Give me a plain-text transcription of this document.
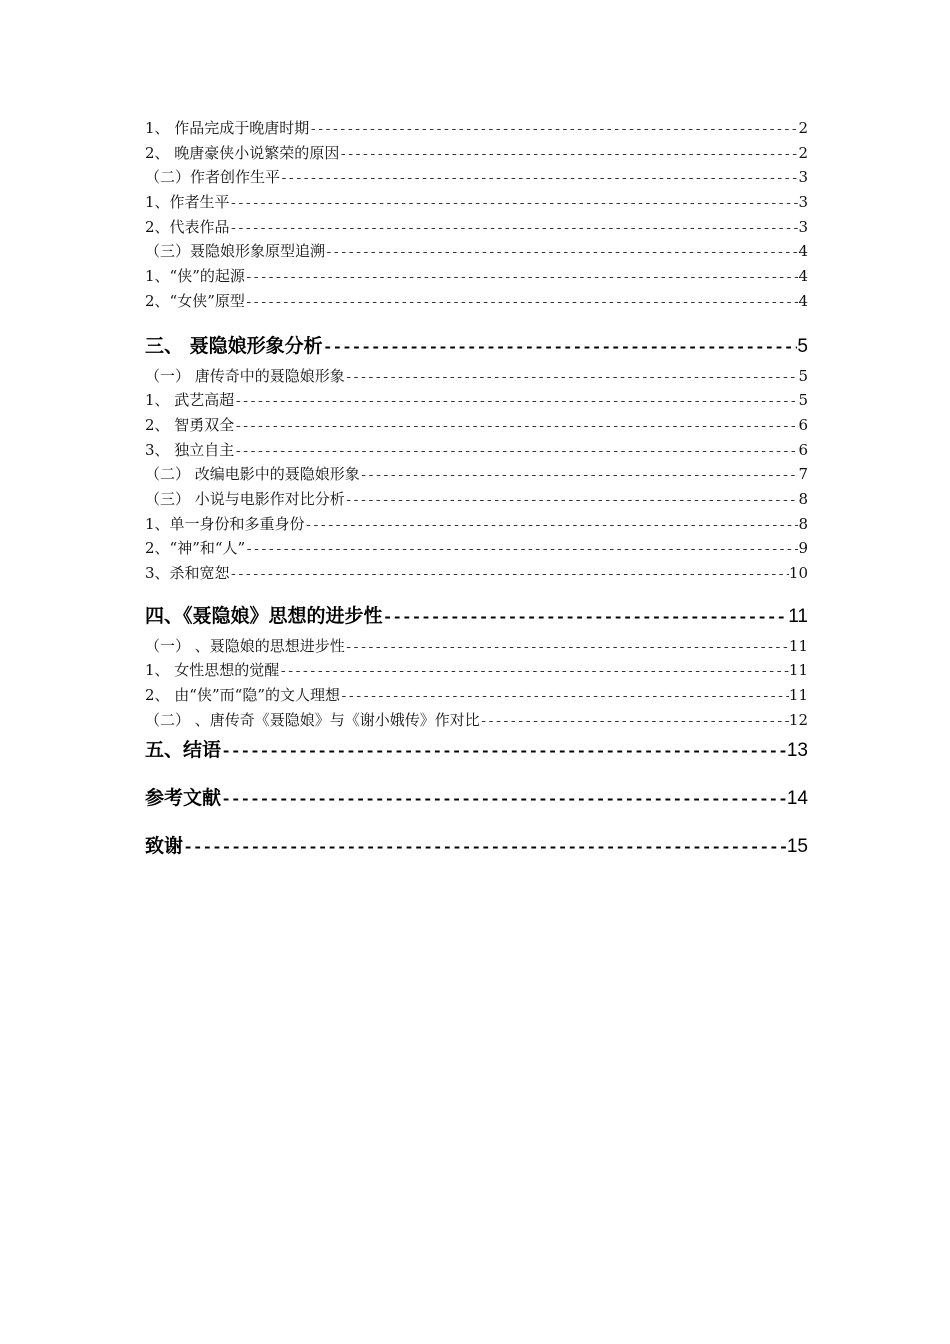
1、 作品完成于晚唐时期 -----	2
2、 晚唐豪侠小说繁荣的原因 -----	2
（二）作者创作生平 -----	3
1、作者生平 -----	3
2、代表作品 -----	3
（三）聂隐娘形象原型追溯 -----	4
1、“侠”的起源 -----	4
2、“女侠”原型 -----	4
三、 聂隐娘形象分析 -----	5
（一） 唐传奇中的聂隐娘形象 -----	5
1、 武艺高超 -----	5
2、 智勇双全 -----	6
3、 独立自主 -----	6
（二） 改编电影中的聂隐娘形象 -----	7
（三） 小说与电影作对比分析 -----	8
1、单一身份和多重身份 -----	8
2、“神”和“人” -----	9
3、杀和宽恕 -----	10
四、《聂隐娘》思想的进步性 -----	11
（一） 、聂隐娘的思想进步性 -----	11
1、 女性思想的觉醒 -----	11
2、 由“侠”而“隐”的文人理想 -----	11
（二） 、唐传奇《聂隐娘》与《谢小娥传》作对比 -----	12
五、结语 -----	13
参考文献 -----	14
致谢 -----	15
